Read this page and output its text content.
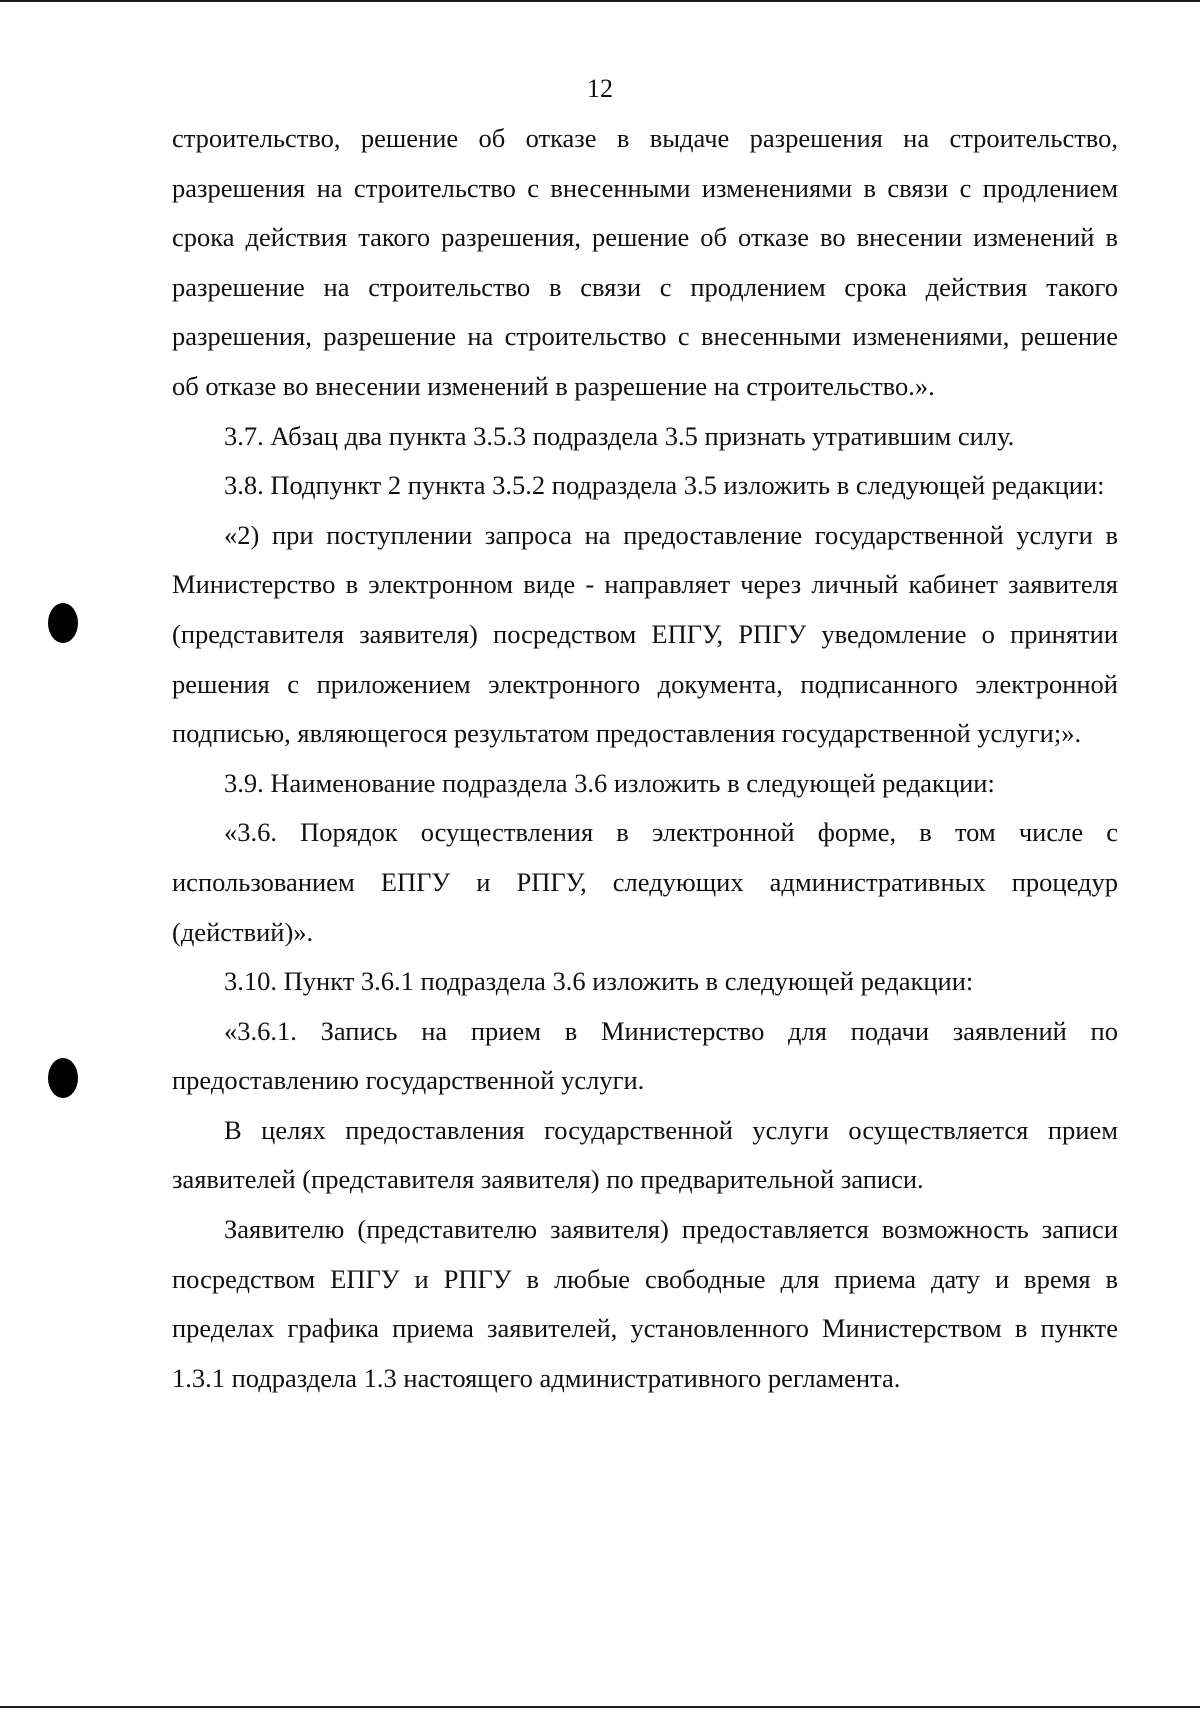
12

строительство, решение об отказе в выдаче разрешения на строительство, разрешения на строительство с внесенными изменениями в связи с продлением срока действия такого разрешения, решение об отказе во внесении изменений в разрешение на строительство в связи с продлением срока действия такого разрешения, разрешение на строительство с внесенными изменениями, решение об отказе во внесении изменений в разрешение на строительство.».

3.7. Абзац два пункта 3.5.3 подраздела 3.5 признать утратившим силу.

3.8. Подпункт 2 пункта 3.5.2 подраздела 3.5 изложить в следующей редакции:

«2) при поступлении запроса на предоставление государственной услуги в Министерство в электронном виде - направляет через личный кабинет заявителя (представителя заявителя) посредством ЕПГУ, РПГУ уведомление о принятии решения с приложением электронного документа, подписанного электронной подписью, являющегося результатом предоставления государственной услуги;».

3.9. Наименование подраздела 3.6 изложить в следующей редакции:

«3.6. Порядок осуществления в электронной форме, в том числе с использованием ЕПГУ и РПГУ, следующих административных процедур (действий)».

3.10. Пункт 3.6.1 подраздела 3.6 изложить в следующей редакции:

«3.6.1. Запись на прием в Министерство для подачи заявлений по предоставлению государственной услуги.

В целях предоставления государственной услуги осуществляется прием заявителей (представителя заявителя) по предварительной записи.

Заявителю (представителю заявителя) предоставляется возможность записи посредством ЕПГУ и РПГУ в любые свободные для приема дату и время в пределах графика приема заявителей, установленного Министерством в пункте 1.3.1 подраздела 1.3 настоящего административного регламента.
